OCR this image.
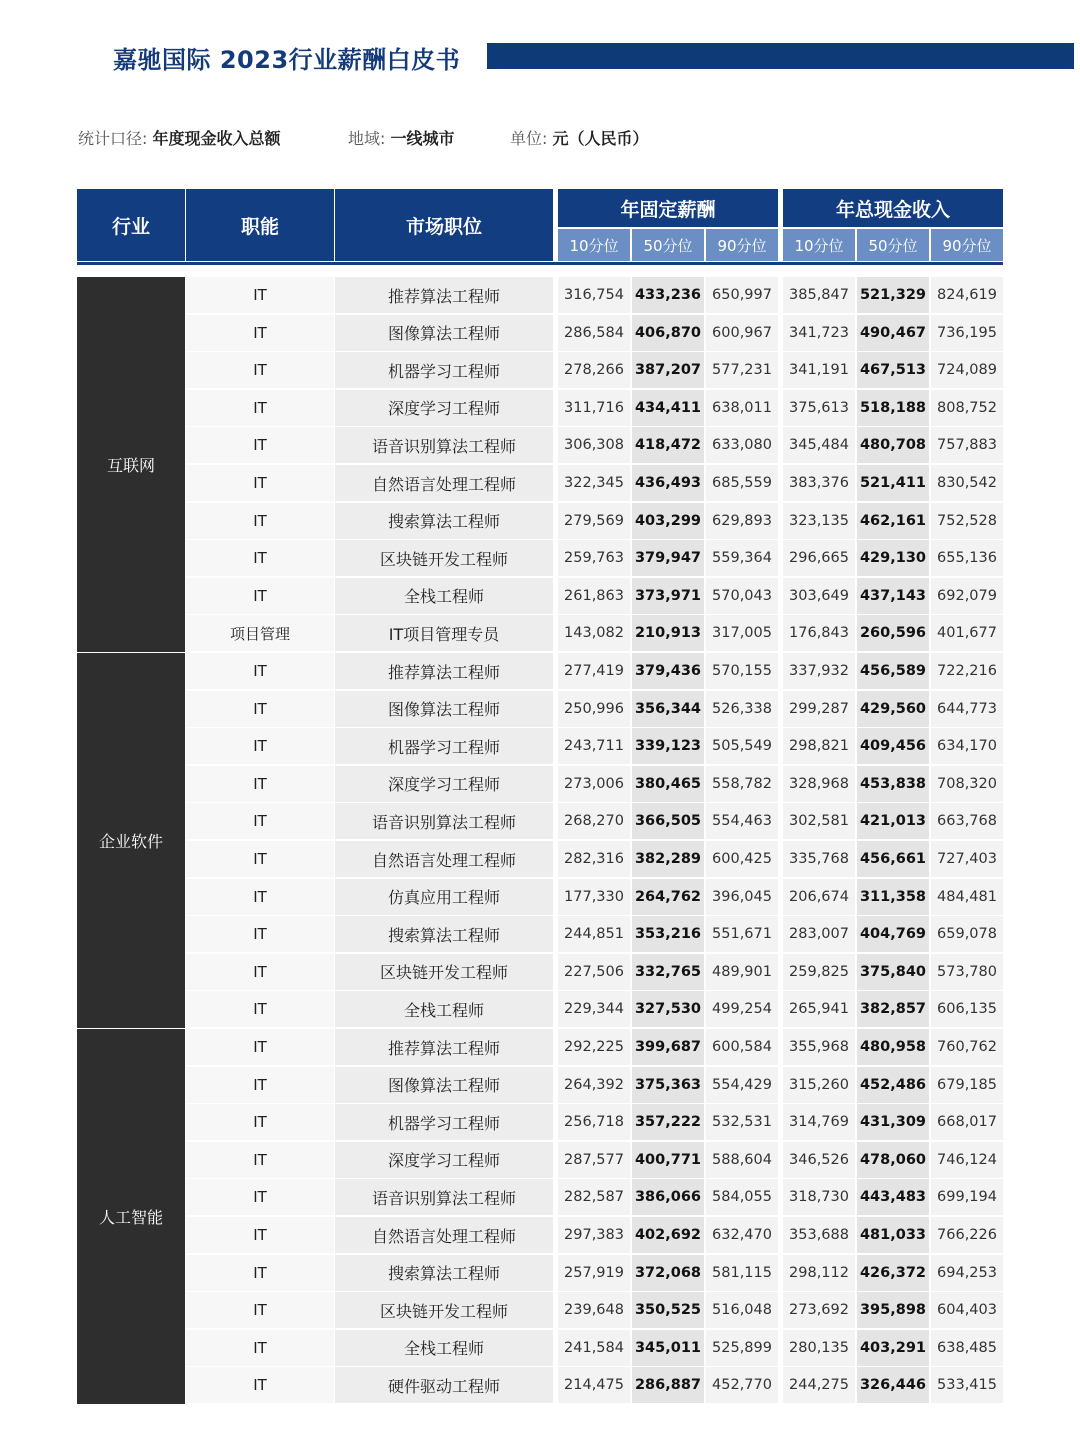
嘉驰国际 2023行业薪酬白皮书
统计口径: 年度现金收入总额	地域: 一线城市	单位: 元（人民币）
行业	职能	市场职位
年固定薪酬	年总现金收入
10分位	50分位	90分位	10分位	50分位	90分位
互联网
IT	推荐算法工程师	316,754 433,236 650,997	385,847 521,329 824,619
IT	图像算法工程师	286,584 406,870 600,967	341,723 490,467 736,195
IT	机器学习工程师	278,266 387,207 577,231	341,191 467,513 724,089
IT	深度学习工程师	311,716 434,411 638,011	375,613 518,188 808,752
IT	语音识别算法工程师	306,308 418,472 633,080	345,484 480,708 757,883
IT	自然语言处理工程师	322,345 436,493 685,559	383,376 521,411 830,542
IT	搜索算法工程师	279,569 403,299 629,893	323,135 462,161 752,528
IT	区块链开发工程师	259,763 379,947 559,364	296,665 429,130 655,136
IT	全栈工程师	261,863 373,971 570,043	303,649 437,143 692,079
项目管理	IT项目管理专员	143,082 210,913 317,005	176,843 260,596 401,677
企业软件
IT	推荐算法工程师	277,419 379,436 570,155	337,932 456,589 722,216
IT	图像算法工程师	250,996 356,344 526,338	299,287 429,560 644,773
IT	机器学习工程师	243,711 339,123 505,549	298,821 409,456 634,170
IT	深度学习工程师	273,006 380,465 558,782	328,968 453,838 708,320
IT	语音识别算法工程师	268,270 366,505 554,463	302,581 421,013 663,768
IT	自然语言处理工程师	282,316 382,289 600,425	335,768 456,661 727,403
IT	仿真应用工程师	177,330 264,762 396,045	206,674 311,358 484,481
IT	搜索算法工程师	244,851 353,216 551,671	283,007 404,769 659,078
IT	区块链开发工程师	227,506 332,765 489,901	259,825 375,840 573,780
IT	全栈工程师	229,344 327,530 499,254	265,941 382,857 606,135
人工智能
IT	推荐算法工程师	292,225 399,687 600,584	355,968 480,958 760,762
IT	图像算法工程师	264,392 375,363 554,429	315,260 452,486 679,185
IT	机器学习工程师	256,718 357,222 532,531	314,769 431,309 668,017
IT	深度学习工程师	287,577 400,771 588,604	346,526 478,060 746,124
IT	语音识别算法工程师	282,587 386,066 584,055	318,730 443,483 699,194
IT	自然语言处理工程师	297,383 402,692 632,470	353,688 481,033 766,226
IT	搜索算法工程师	257,919 372,068 581,115	298,112 426,372 694,253
IT	区块链开发工程师	239,648 350,525 516,048	273,692 395,898 604,403
IT	全栈工程师	241,584 345,011 525,899	280,135 403,291 638,485
IT	硬件驱动工程师	214,475 286,887 452,770	244,275 326,446 533,415
